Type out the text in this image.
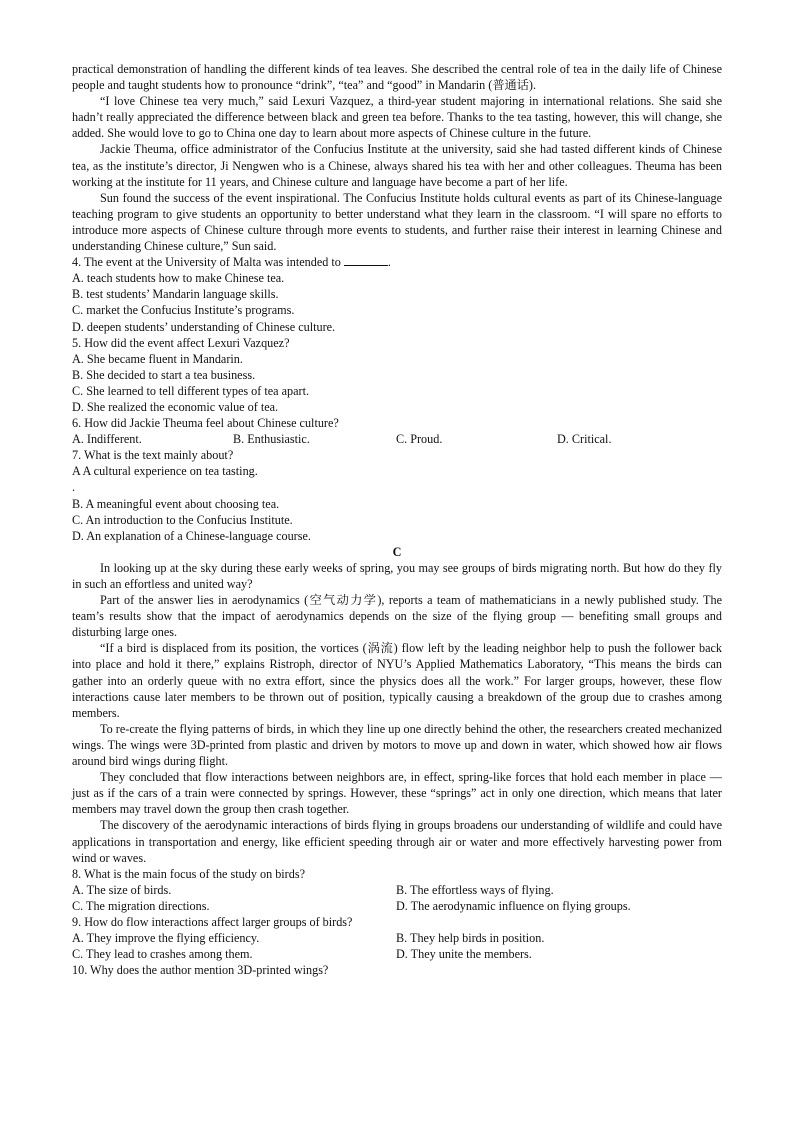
practical demonstration of handling the different kinds of tea leaves. She described the central role of tea in the daily life of Chinese people and taught students how to pronounce “drink”, “tea” and “good” in Mandarin (普通话).

“I love Chinese tea very much,” said Lexuri Vazquez, a third-year student majoring in international relations. She said she hadn’t really appreciated the difference between black and green tea before. Thanks to the tea tasting, however, this will change, she added. She would love to go to China one day to learn about more aspects of Chinese culture in the future.

Jackie Theuma, office administrator of the Confucius Institute at the university, said she had tasted different kinds of Chinese tea, as the institute’s director, Ji Nengwen who is a Chinese, always shared his tea with her and other colleagues. Theuma has been working at the institute for 11 years, and Chinese culture and language have become a part of her life.

Sun found the success of the event inspirational. The Confucius Institute holds cultural events as part of its Chinese-language teaching program to give students an opportunity to better understand what they learn in the classroom. “I will spare no efforts to introduce more aspects of Chinese culture through more events to students, and further raise their interest in learning Chinese and understanding Chinese culture,” Sun said.

4. The event at the University of Malta was intended to	.
A. teach students how to make Chinese tea.
B. test students’ Mandarin language skills.
C. market the Confucius Institute’s programs.
D. deepen students’ understanding of Chinese culture.
5. How did the event affect Lexuri Vazquez?
A. She became fluent in Mandarin.
B. She decided to start a tea business.
C. She learned to tell different types of tea apart.
D. She realized the economic value of tea.
6. How did Jackie Theuma feel about Chinese culture?
A. Indifferent.	B. Enthusiastic.	C. Proud.	D. Critical.
7. What is the text mainly about?
A A cultural experience on tea tasting.
.
B. A meaningful event about choosing tea.
C. An introduction to the Confucius Institute.
D. An explanation of a Chinese-language course.
C

In looking up at the sky during these early weeks of spring, you may see groups of birds migrating north. But how do they fly in such an effortless and united way?

Part of the answer lies in aerodynamics (空气动力学), reports a team of mathematicians in a newly published study. The team’s results show that the impact of aerodynamics depends on the size of the flying group — benefiting small groups and disturbing large ones.

“If a bird is displaced from its position, the vortices (涡流) flow left by the leading neighbor help to push the follower back into place and hold it there,” explains Ristroph, director of NYU’s Applied Mathematics Laboratory, “This means the birds can gather into an orderly queue with no extra effort, since the physics does all the work.” For larger groups, however, these flow interactions cause later members to be thrown out of position, typically causing a breakdown of the group due to crashes among members.

To re-create the flying patterns of birds, in which they line up one directly behind the other, the researchers created mechanized wings. The wings were 3D-printed from plastic and driven by motors to move up and down in water, which showed how air flows around bird wings during flight.

They concluded that flow interactions between neighbors are, in effect, spring-like forces that hold each member in place — just as if the cars of a train were connected by springs. However, these “springs” act in only one direction, which means that later members may travel down the group then crash together.

The discovery of the aerodynamic interactions of birds flying in groups broadens our understanding of wildlife and could have applications in transportation and energy, like efficient speeding through air or water and more effectively harvesting power from wind or waves.

8. What is the main focus of the study on birds?
A. The size of birds.	B. The effortless ways of flying.
C. The migration directions.	D. The aerodynamic influence on flying groups.
9. How do flow interactions affect larger groups of birds?
A. They improve the flying efficiency.	B. They help birds in position.
C. They lead to crashes among them.	D. They unite the members.
10. Why does the author mention 3D-printed wings?
